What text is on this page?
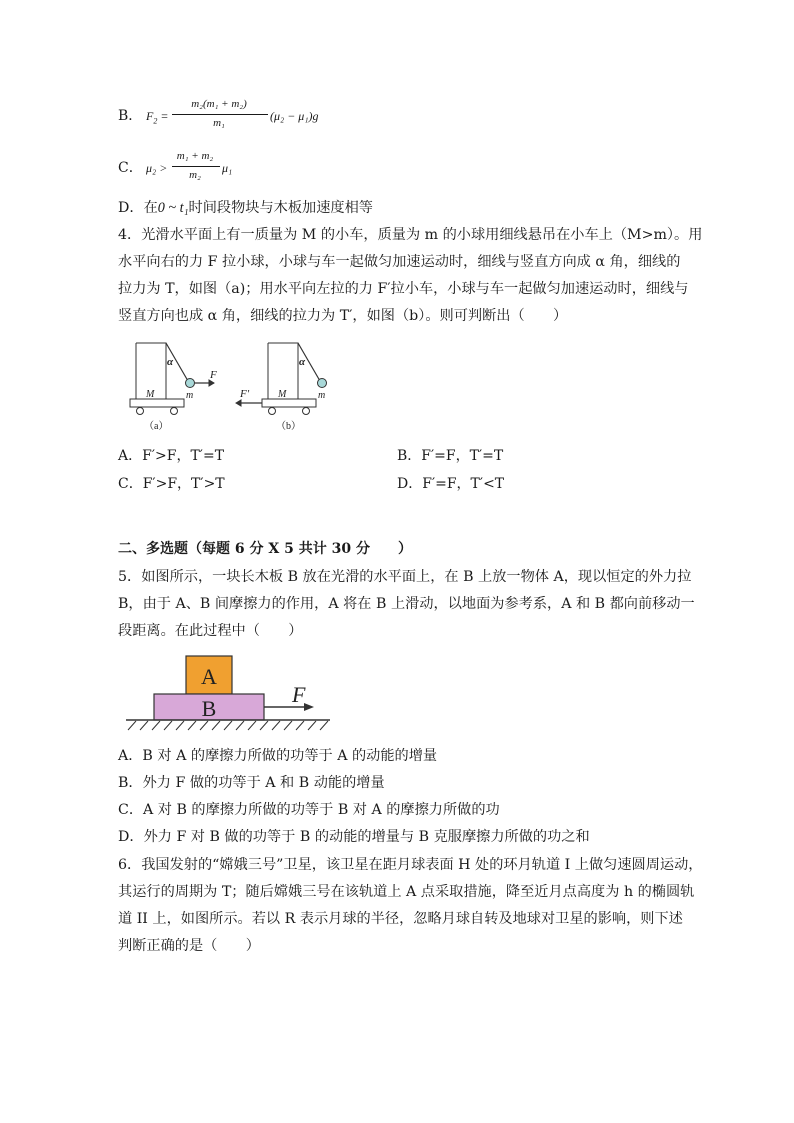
B． $F_2$ =
m₂(m₁ + m₂)
m₁	(μ₂ − μ₁)g
C． μ₂ >
m₁ + m₂
m₂	μ₁
D．在0 ~ t₁时间段物块与木板加速度相等
4．光滑水平面上有一质量为 M 的小车，质量为 m 的小球用细线悬吊在小车上（M>m）。用
水平向右的力 F 拉小球，小球与车一起做匀加速运动时，细线与竖直方向成 α 角，细线的
拉力为 T，如图（a)；用水平向左拉的力 F′拉小车，小球与车一起做匀加速运动时，细线与
竖直方向也成 α 角，细线的拉力为 T′，如图（b）。则可判断出（　　）
α
F
M	m
（a）
α
F′	M	m
（b）
A．F′>F，T′=T	B．F′=F，T′=T
C．F′>F，T′>T	D．F′=F，T′<T
二、多选题（每题 6 分 X 5 共计 30 分　　）
5．如图所示，一块长木板 B 放在光滑的水平面上，在 B 上放一物体 A，现以恒定的外力拉
B，由于 A、B 间摩擦力的作用，A 将在 B 上滑动，以地面为参考系，A 和 B 都向前移动一
段距离。在此过程中（　　）
A
B
F
A．B 对 A 的摩擦力所做的功等于 A 的动能的增量
B．外力 F 做的功等于 A 和 B 动能的增量
C．A 对 B 的摩擦力所做的功等于 B 对 A 的摩擦力所做的功
D．外力 F 对 B 做的功等于 B 的动能的增量与 B 克服摩擦力所做的功之和
6．我国发射的“嫦娥三号”卫星，该卫星在距月球表面 H 处的环月轨道 I 上做匀速圆周运动，
其运行的周期为 T；随后嫦娥三号在该轨道上 A 点采取措施，降至近月点高度为 h 的椭圆轨
道 II 上，如图所示。若以 R 表示月球的半径，忽略月球自转及地球对卫星的影响，则下述
判断正确的是（　　）
